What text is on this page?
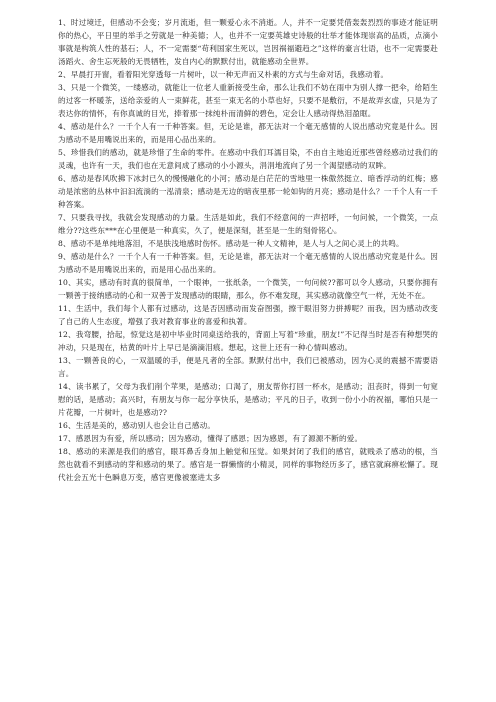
1、时过境迁，但感动不会变；岁月流逝，但一颗爱心永不消逝。人，并不一定要凭借轰轰烈烈的事迹才能证明你的热心，平日里的举手之劳就是一种美德；人，也并不一定要英雄史诗般的壮举才能体现崇高的品质，点滴小事就是构筑人性的基石；人，不一定需要“苟利国家生死以，岂因祸福避趋之”这样的豪言壮语，也不一定需要赴汤蹈火、舍生忘死般的无畏牺牲，发自内心的默默付出，就能感动全世界。

2、早晨打开窗，看着阳光穿透每一片树叶，以一种无声而又朴素的方式与生命对话，我感动着。

3、只是一个微笑，一缕感动，就能让一位老人重新接受生命，那么让我们不妨在雨中为别人撑一把伞，给陌生的过客一杯暖茶，送给亲爱的人一束鲜花，甚至一束无名的小草也好，只要不是敷衍，不是故弄玄虚，只是为了表达你的情怀，有你真诚的目光，捧着那一抹纯朴而清鲜的碧色，定会让人感动得热泪盈眶。

4、感动是什么？一千个人有一千种答案。但，无论是谁，都无法对一个毫无感情的人说出感动究竟是什么。因为感动不是用嘴说出来的，而是用心品出来的。

5、珍惜我们的感动，就是珍惜了生命的零件。在感动中我们耳濡目染，不由自主地追近那些曾经感动过我们的灵魂，也许有一天，我们也在无意间成了感动的小小源头，涓涓地流向了另一个渴望感动的双眸。

6、感动是春风吹拂下冰封已久的慢慢融化的小河；感动是白茫茫的雪地里一株傲然挺立、暗香浮动的红梅；感动是浓密的丛林中汩汩流淌的一泓清泉；感动是无边的暗夜里那一轮如钩的月亮；感动是什么？一千个人有一千种答案。

7、只要我寻找，我就会发现感动的力量。生活是如此，我们不经意间的一声招呼，一句问候，一个微笑，一点维分??这些东***在心里便是一种真实，久了，便是深刻，甚至是一生的刻骨铭心。

8、感动不是单纯地落泪，不是肤浅地感时伤怀。感动是一种人文精神，是人与人之间心灵上的共鸣。

9、感动是什么？一千个人有一千种答案。但，无论是谁，都无法对一个毫无感情的人说出感动究竟是什么。因为感动不是用嘴说出来的，而是用心品出来的。

10、其实，感动有时真的很简单，一个眼神，一张纸条，一个微笑，一句问候??都可以令人感动，只要你拥有一颗善于接纳感动的心和一双善于发现感动的眼睛，那么，你不难发现，其实感动就像空气一样，无处不在。

11、生活中，我们每个人都有过感动，这是否因感动而发奋图强，擦干眼泪努力拼搏呢？而我，因为感动改变了自己的人生态度，增强了我对教育事业的喜爱和执著。

12、我弯腰，拾起，惊觉这是初中毕业时同桌送给我的，背面上写着“珍重，朋友!”不记得当时是否有种想哭的冲动，只是现在，枯黄的叶片上早已是滴滴泪痕。想起，这世上还有一种心情叫感动。

13、一颗善良的心，一双温暖的手，便是凡者的全部。默默付出中，我们已被感动，因为心灵的震撼不需要语言。

14、读书累了，父母为我们削个苹果，是感动；口渴了，朋友帮你打回一杯水，是感动；沮丧时，得到一句宽慰的话，是感动；高兴时，有朋友与你一起分享快乐，是感动；平凡的日子，收到一份小小的祝福，哪怕只是一片花瓣，一片树叶，也是感动??

16、生活是美的，感动别人也会让自己感动。

17、感恩因为有爱，所以感动；因为感动，懂得了感恩；因为感恩，有了源源不断的爱。

18、感动的来源是我们的感官，眼耳鼻舌身加上触觉和压觉。如果封闭了我们的感官，就贱杀了感动的根，当然也就看不到感动的芽和感动的果了。感官是一群懒惰的小精灵，同样的事物经历多了，感官就麻痹松懈了。现代社会五光十色瞬息万变，感官更像被塞进太多
